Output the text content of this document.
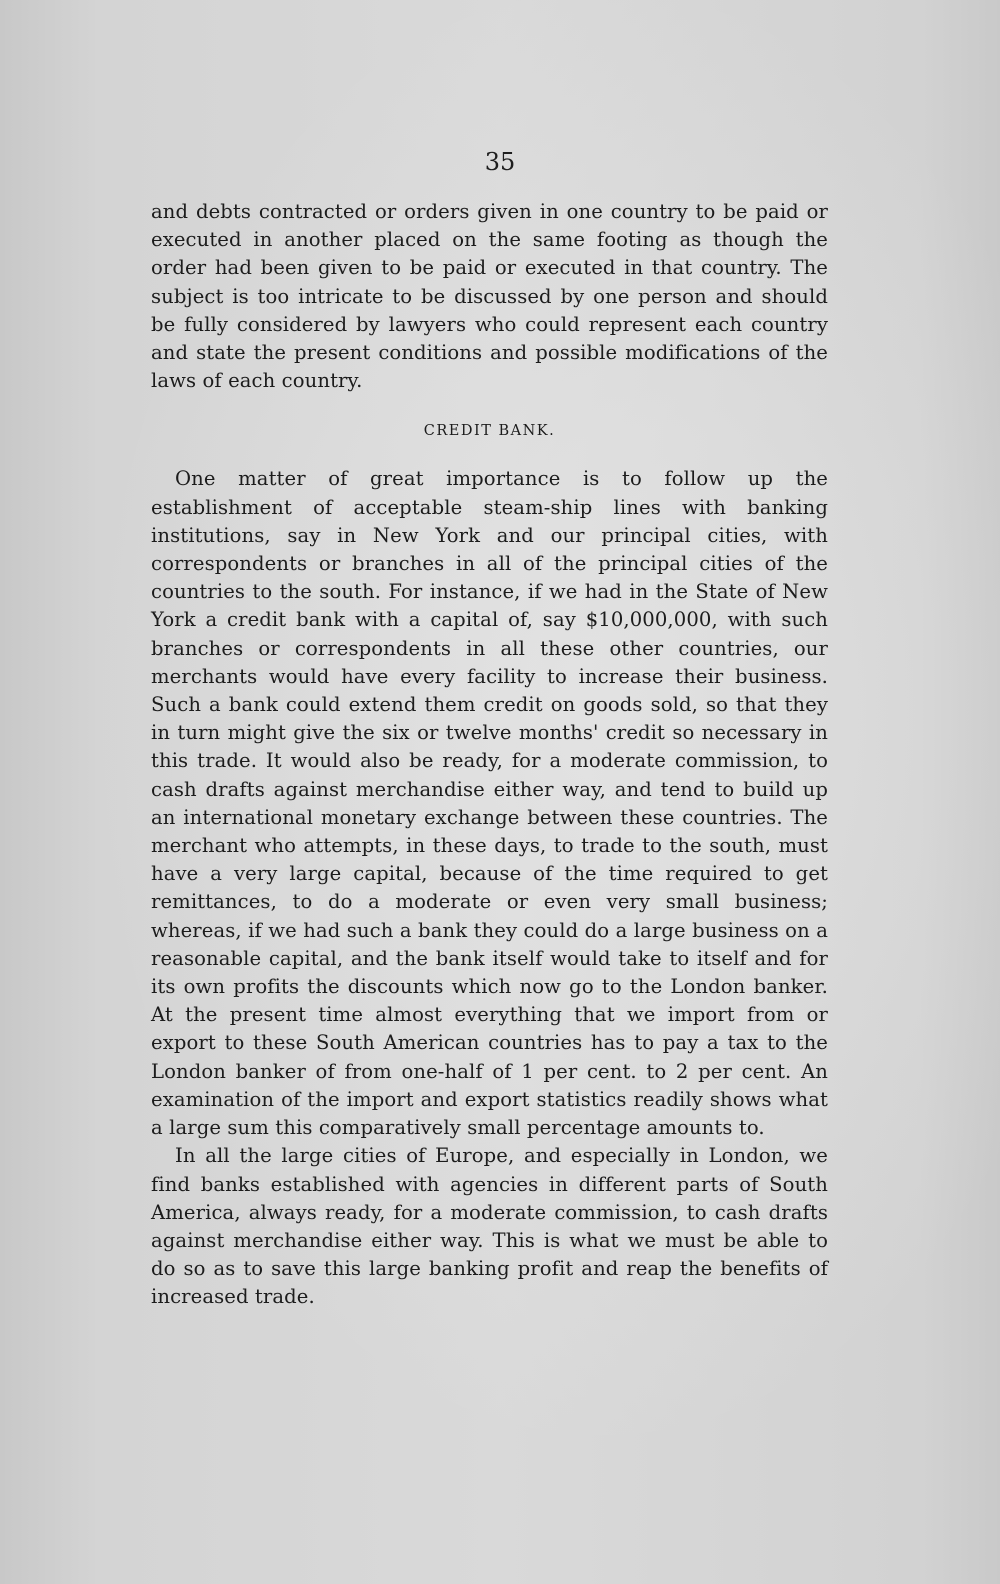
35

and debts contracted or orders given in one country to be paid or executed in another placed on the same footing as though the order had been given to be paid or executed in that country. The subject is too intricate to be discussed by one person and should be fully considered by lawyers who could represent each country and state the present conditions and possible modifications of the laws of each country.

CREDIT BANK.

One matter of great importance is to follow up the establishment of acceptable steam-ship lines with banking institutions, say in New York and our principal cities, with correspondents or branches in all of the principal cities of the countries to the south. For instance, if we had in the State of New York a credit bank with a capital of, say $10,000,000, with such branches or correspondents in all these other countries, our merchants would have every facility to increase their business. Such a bank could extend them credit on goods sold, so that they in turn might give the six or twelve months' credit so necessary in this trade. It would also be ready, for a moderate commission, to cash drafts against merchandise either way, and tend to build up an international monetary exchange between these countries. The merchant who attempts, in these days, to trade to the south, must have a very large capital, because of the time required to get remittances, to do a moderate or even very small business; whereas, if we had such a bank they could do a large business on a reasonable capital, and the bank itself would take to itself and for its own profits the discounts which now go to the London banker. At the present time almost everything that we import from or export to these South American countries has to pay a tax to the London banker of from one-half of 1 per cent. to 2 per cent. An examination of the import and export statistics readily shows what a large sum this comparatively small percentage amounts to.

In all the large cities of Europe, and especially in London, we find banks established with agencies in different parts of South America, always ready, for a moderate commission, to cash drafts against merchandise either way. This is what we must be able to do so as to save this large banking profit and reap the benefits of increased trade.
